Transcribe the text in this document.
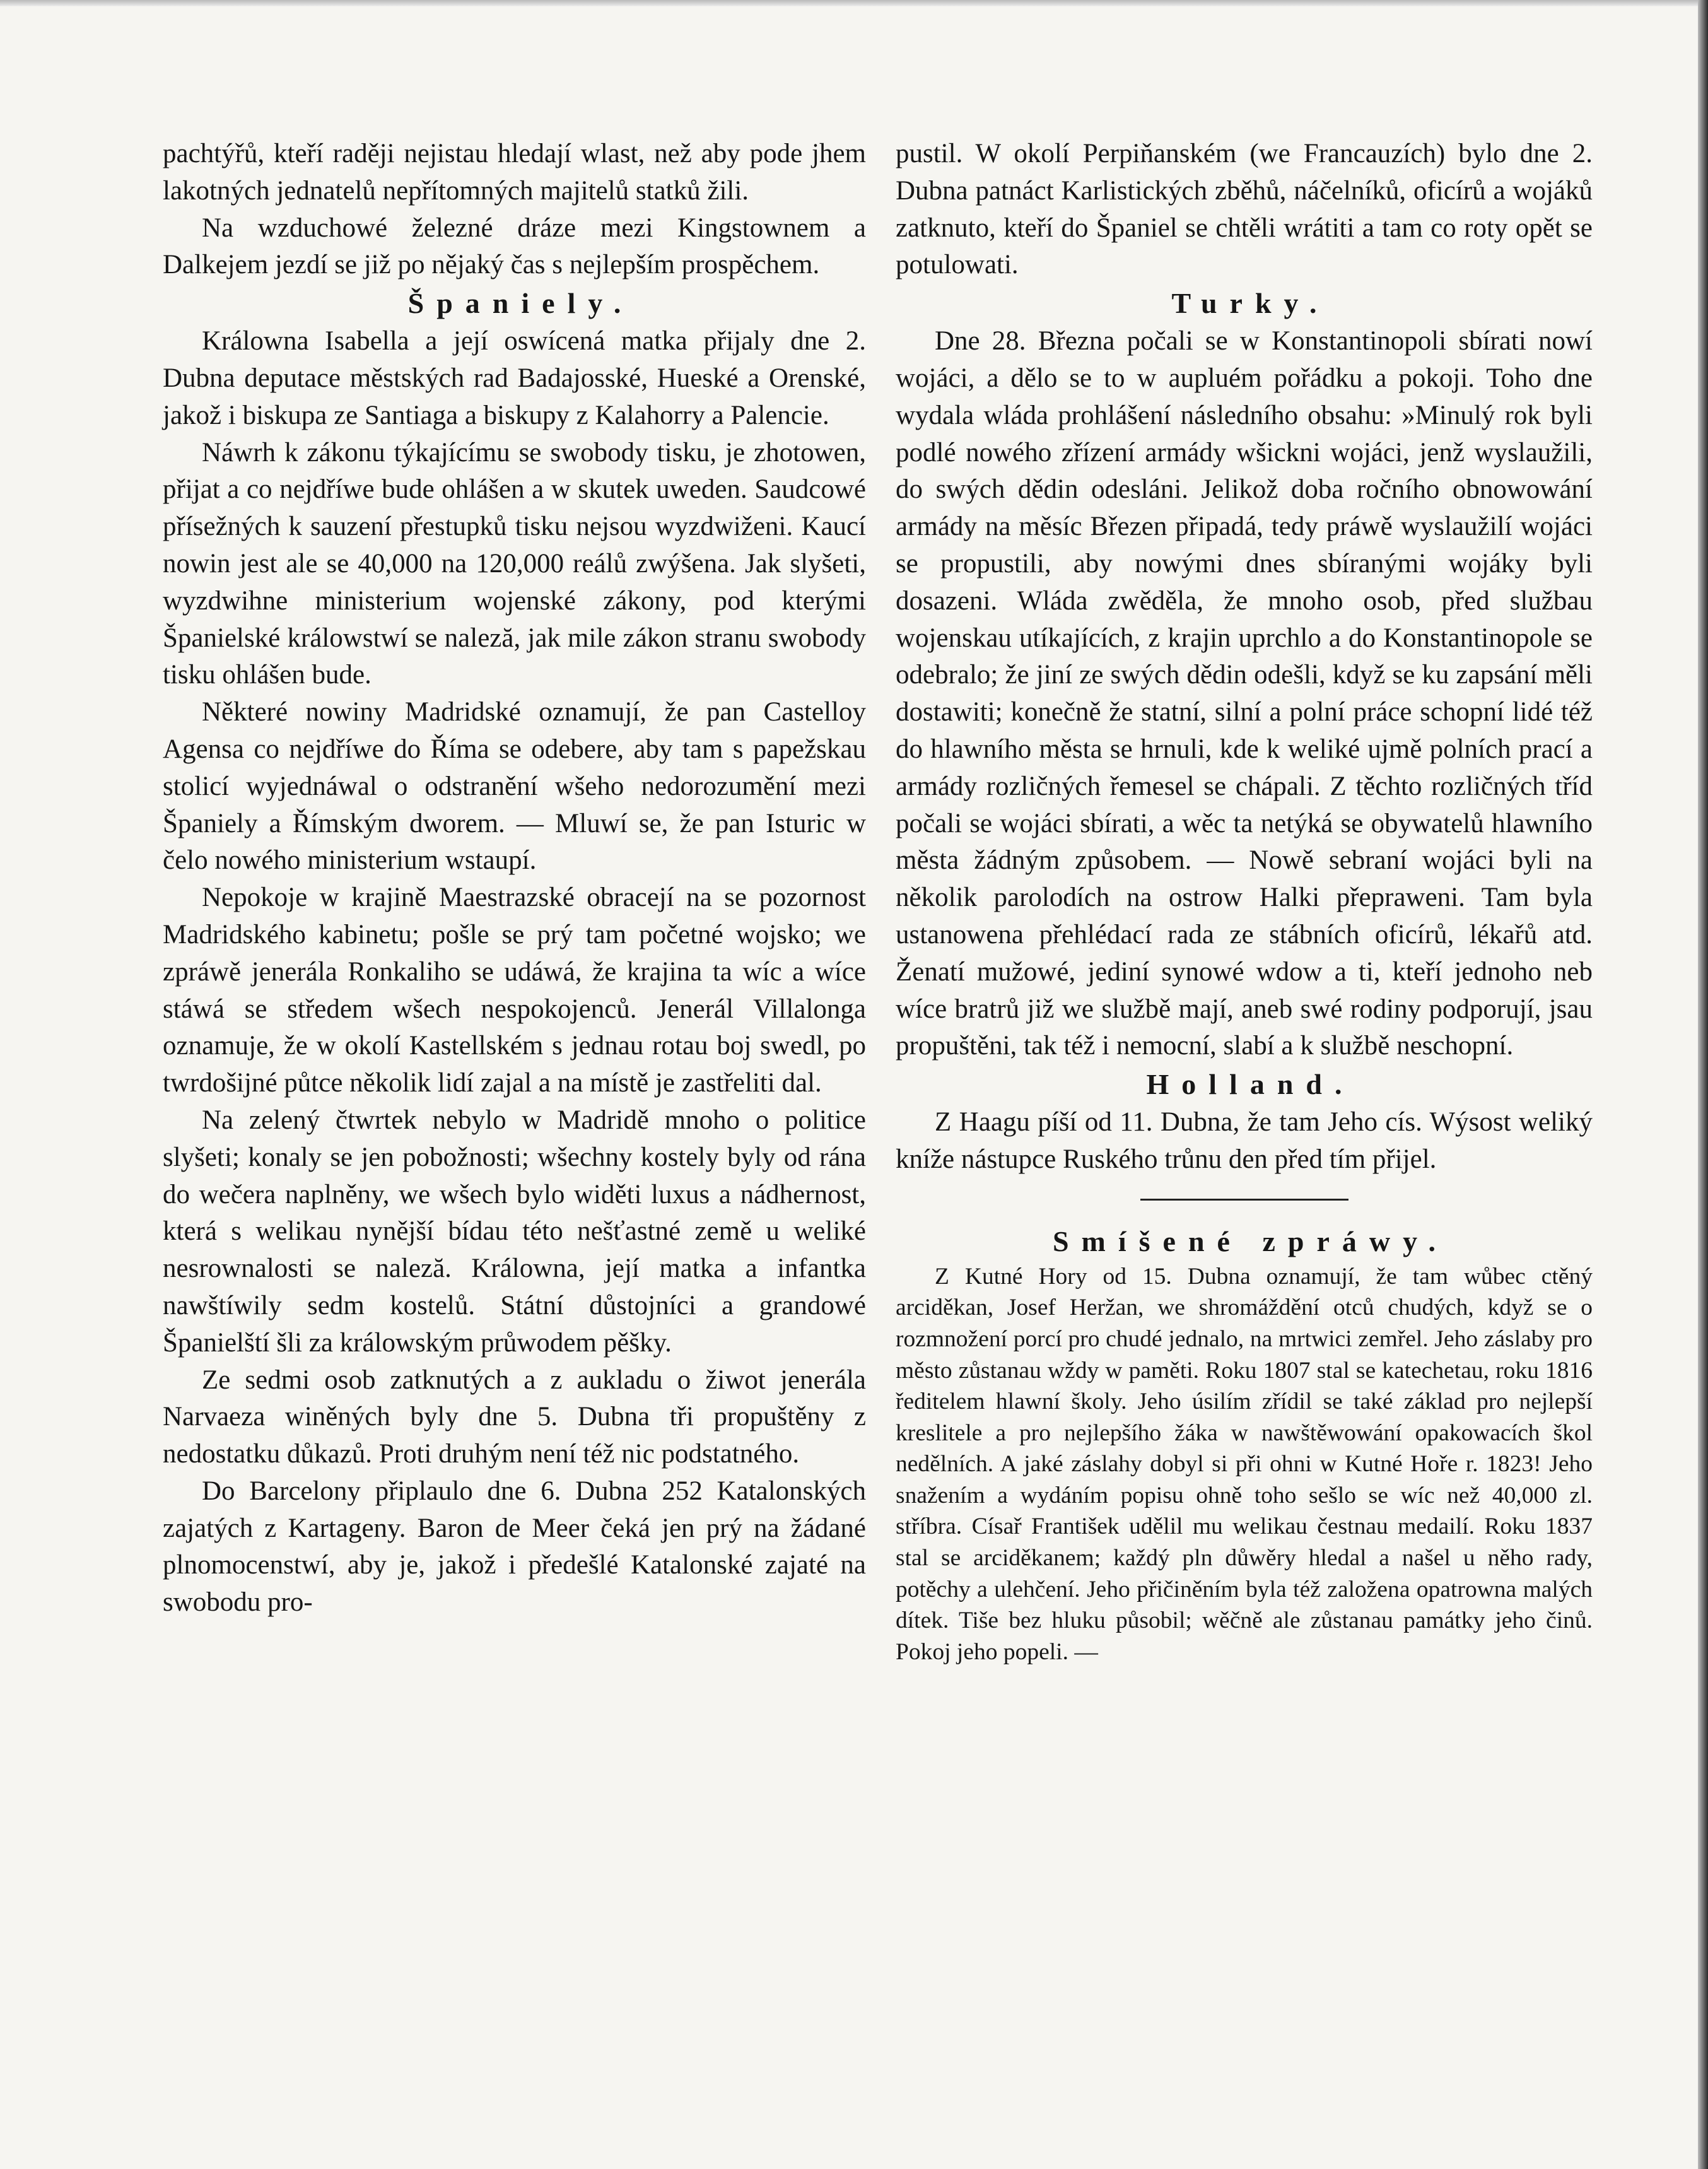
pachtýřů, kteří raději nejistau hledají wlast, než aby pode jhem lakotných jednatelů nepřítomných majitelů statků žili.

Na wzduchowé železné dráze mezi Kingstownem a Dalkejem jezdí se již po nějaký čas s nejlepším prospěchem.

Španiely.

Králowna Isabella a její oswícená matka přijaly dne 2. Dubna deputace městských rad Badajosské, Hueské a Orenské, jakož i biskupa ze Santiaga a biskupy z Kalahorry a Palencie.

Náwrh k zákonu týkajícímu se swobody tisku, je zhotowen, přijat a co nejdříwe bude ohlášen a w skutek uweden. Saudcowé přísežných k sauzení přestupků tisku nejsou wyzdwiženi. Kaucí nowin jest ale se 40,000 na 120,000 reálů zwýšena. Jak slyšeti, wyzdwihne ministerium wojenské zákony, pod kterými Španielské králowstwí se naleză, jak mile zákon stranu swobody tisku ohlášen bude.

Některé nowiny Madridské oznamují, že pan Castelloy Agensa co nejdříwe do Říma se odebere, aby tam s papežskau stolicí wyjednáwal o odstranění wšeho nedorozumění mezi Španiely a Římským dworem. — Mluwí se, že pan Isturic w čelo nowého ministerium wstaupí.

Nepokoje w krajině Maestrazské obracejí na se pozornost Madridského kabinetu; pošle se prý tam početné wojsko; we zpráwě jenerála Ronkaliho se udáwá, že krajina ta wíc a wíce stáwá se středem wšech nespokojenců. Jenerál Villalonga oznamuje, že w okolí Kastellském s jednau rotau boj swedl, po twrdošijné půtce několik lidí zajal a na místě je zastřeliti dal.

Na zelený čtwrtek nebylo w Madridě mnoho o politice slyšeti; konaly se jen pobožnosti; wšechny kostely byly od rána do wečera naplněny, we wšech bylo widěti luxus a nádhernost, která s welikau nynější bídau této nešťastné země u weliké nesrownalosti se naleză. Králowna, její matka a infantka nawštíwily sedm kostelů. Státní důstojníci a grandowé Španielští šli za králowským průwodem pěšky.

Ze sedmi osob zatknutých a z aukladu o žiwot jenerála Narvaeza winěných byly dne 5. Dubna tři propuštěny z nedostatku důkazů. Proti druhým není též nic podstatného.

Do Barcelony připlaulo dne 6. Dubna 252 Katalonských zajatých z Kartageny. Baron de Meer čeká jen prý na žádané plnomocenstwí, aby je, jakož i předešlé Katalonské zajaté na swobodu pro-

pustil. W okolí Perpiňanském (we Francauzích) bylo dne 2. Dubna patnáct Karlistických zběhů, náčelníků, oficírů a wojáků zatknuto, kteří do Španiel se chtěli wrátiti a tam co roty opět se potulowati.

Turky.

Dne 28. Března počali se w Konstantinopoli sbírati nowí wojáci, a dělo se to w aupluém pořádku a pokoji. Toho dne wydala wláda prohlášení následního obsahu: »Minulý rok byli podlé nowého zřízení armády wšickni wojáci, jenž wyslaužili, do swých dědin odesláni. Jelikož doba ročního obnowowání armády na měsíc Březen připadá, tedy práwě wyslaužilí wojáci se propustili, aby nowými dnes sbíranými wojáky byli dosazeni. Wláda zwěděla, že mnoho osob, před službau wojenskau utíkajících, z krajin uprchlo a do Konstantinopole se odebralo; že jiní ze swých dědin odešli, když se ku zapsání měli dostawiti; konečně že statní, silní a polní práce schopní lidé též do hlawního města se hrnuli, kde k weliké ujmě polních prací a armády rozličných řemesel se chápali. Z těchto rozličných tříd počali se wojáci sbírati, a wěc ta netýká se obywatelů hlawního města žádným způsobem. — Nowě sebraní wojáci byli na několik parolodích na ostrow Halki přepraweni. Tam byla ustanowena přehlédací rada ze stábních oficírů, lékařů atd. Ženatí mužowé, jediní synowé wdow a ti, kteří jednoho neb wíce bratrů již we službě mají, aneb swé rodiny podporují, jsau propuštěni, tak též i nemocní, slabí a k službě neschopní.

Holland.

Z Haagu píší od 11. Dubna, že tam Jeho cís. Wýsost weliký kníže nástupce Ruského trůnu den před tím přijel.

Smíšené zpráwy.

Z Kutné Hory od 15. Dubna oznamují, že tam wůbec ctěný arciděkan, Josef Heržan, we shromáždění otců chudých, když se o rozmnožení porcí pro chudé jednalo, na mrtwici zemřel. Jeho záslaby pro město zůstanau wždy w paměti. Roku 1807 stal se katechetau, roku 1816 ředitelem hlawní školy. Jeho úsilím zřídil se také základ pro nejlepší kreslitele a pro nejlepšího žáka w nawštěwowání opakowacích škol nedělních. A jaké záslahy dobyl si při ohni w Kutné Hoře r. 1823! Jeho snažením a wydáním popisu ohně toho sešlo se wíc než 40,000 zl. stříbra. Císař František udělil mu welikau čestnau medailí. Roku 1837 stal se arciděkanem; každý pln důwěry hledal a našel u něho rady, potěchy a ulehčení. Jeho přičiněním byla též založena opatrowna malých dítek. Tiše bez hluku působil; wěčně ale zůstanau památky jeho činů. Pokoj jeho popeli. —
